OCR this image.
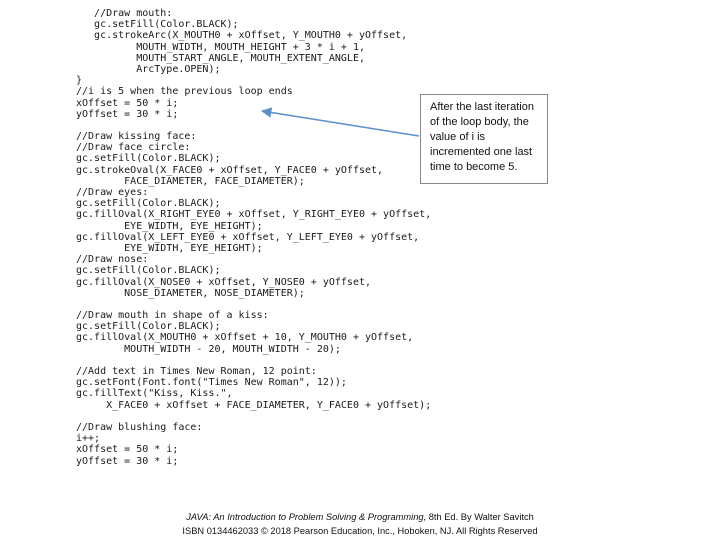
//Draw mouth:
gc.setFill(Color.BLACK);
gc.strokeArc(X_MOUTH0 + xOffset, Y_MOUTH0 + yOffset,
MOUTH_WIDTH, MOUTH_HEIGHT + 3 * i + 1,
MOUTH_START_ANGLE, MOUTH_EXTENT_ANGLE,
ArcType.OPEN);
}
//i is 5 when the previous loop ends
xOffset = 50 * i;
yOffset = 30 * i;
//Draw kissing face:
//Draw face circle:
gc.setFill(Color.BLACK);
gc.strokeOval(X_FACE0 + xOffset, Y_FACE0 + yOffset,
FACE_DIAMETER, FACE_DIAMETER);
//Draw eyes:
gc.setFill(Color.BLACK);
gc.fillOval(X_RIGHT_EYE0 + xOffset, Y_RIGHT_EYE0 + yOffset,
EYE_WIDTH, EYE_HEIGHT);
gc.fillOval(X_LEFT_EYE0 + xOffset, Y_LEFT_EYE0 + yOffset,
EYE_WIDTH, EYE_HEIGHT);
//Draw nose:
gc.setFill(Color.BLACK);
gc.fillOval(X_NOSE0 + xOffset, Y_NOSE0 + yOffset,
NOSE_DIAMETER, NOSE_DIAMETER);
//Draw mouth in shape of a kiss:
gc.setFill(Color.BLACK);
gc.fillOval(X_MOUTH0 + xOffset + 10, Y_MOUTH0 + yOffset,
MOUTH_WIDTH - 20, MOUTH_WIDTH - 20);
//Add text in Times New Roman, 12 point:
gc.setFont(Font.font("Times New Roman", 12));
gc.fillText("Kiss, Kiss.",
X_FACE0 + xOffset + FACE_DIAMETER, Y_FACE0 + yOffset);
//Draw blushing face:
i++;
xOffset = 50 * i;
yOffset = 30 * i;
After the last iteration of the loop body, the value of i is incremented one last time to become 5.
JAVA: An Introduction to Problem Solving & Programming, 8th Ed. By Walter Savitch
ISBN 0134462033 © 2018 Pearson Education, Inc., Hoboken, NJ. All Rights Reserved
